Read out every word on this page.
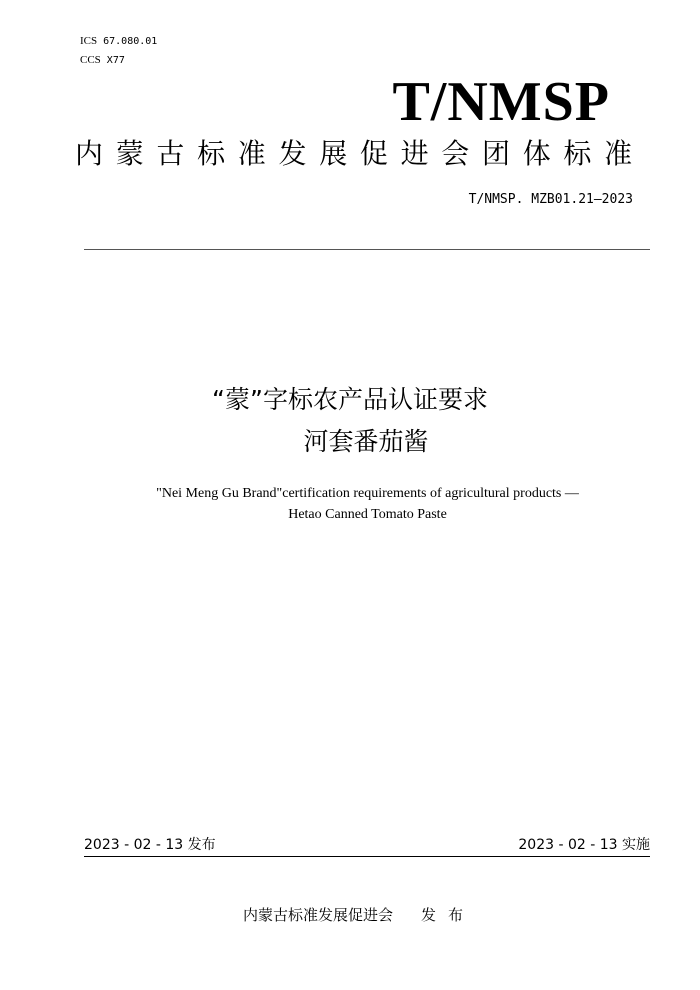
ICS 67.080.01
CCS X77
T/NMSP
内蒙古标准发展促进会团体标准
T/NMSP. MZB01.21—2023
“蒙”字标农产品认证要求
河套番茄酱
"Nei Meng Gu Brand"certification requirements of agricultural products —
Hetao Canned Tomato Paste
2023 - 02 - 13 发布	2023 - 02 - 13 实施
内蒙古标准发展促进会 发布
